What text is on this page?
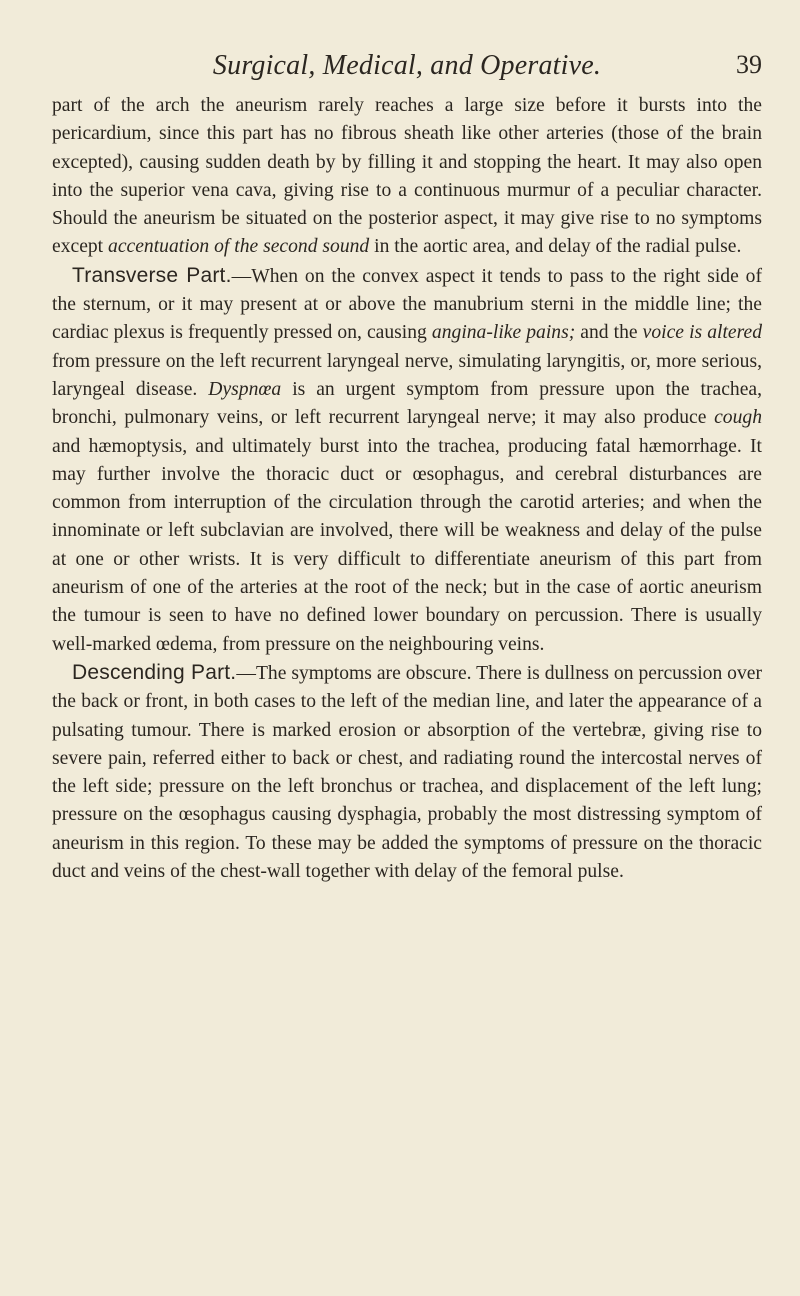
Surgical, Medical, and Operative.	39

part of the arch the aneurism rarely reaches a large size before it bursts into the pericardium, since this part has no fibrous sheath like other arteries (those of the brain excepted), causing sudden death by by filling it and stopping the heart. It may also open into the superior vena cava, giving rise to a continuous murmur of a peculiar character. Should the aneurism be situated on the posterior aspect, it may give rise to no symptoms except accentuation of the second sound in the aortic area, and delay of the radial pulse.

Transverse Part.—When on the convex aspect it tends to pass to the right side of the sternum, or it may present at or above the manubrium sterni in the middle line; the cardiac plexus is frequently pressed on, causing angina-like pains; and the voice is altered from pressure on the left recurrent laryngeal nerve, simulating laryngitis, or, more serious, laryngeal disease. Dyspnœa is an urgent symptom from pressure upon the trachea, bronchi, pulmonary veins, or left recurrent laryngeal nerve; it may also produce cough and hæmoptysis, and ultimately burst into the trachea, producing fatal hæmorrhage. It may further involve the thoracic duct or œsophagus, and cerebral disturbances are common from interruption of the circulation through the carotid arteries; and when the innominate or left subclavian are involved, there will be weakness and delay of the pulse at one or other wrists. It is very difficult to differentiate aneurism of this part from aneurism of one of the arteries at the root of the neck; but in the case of aortic aneurism the tumour is seen to have no defined lower boundary on percussion. There is usually well-marked œdema, from pressure on the neighbouring veins.

Descending Part.—The symptoms are obscure. There is dullness on percussion over the back or front, in both cases to the left of the median line, and later the appearance of a pulsating tumour. There is marked erosion or absorption of the vertebræ, giving rise to severe pain, referred either to back or chest, and radiating round the intercostal nerves of the left side; pressure on the left bronchus or trachea, and displacement of the left lung; pressure on the œsophagus causing dysphagia, probably the most distressing symptom of aneurism in this region. To these may be added the symptoms of pressure on the thoracic duct and veins of the chest-wall together with delay of the femoral pulse.
